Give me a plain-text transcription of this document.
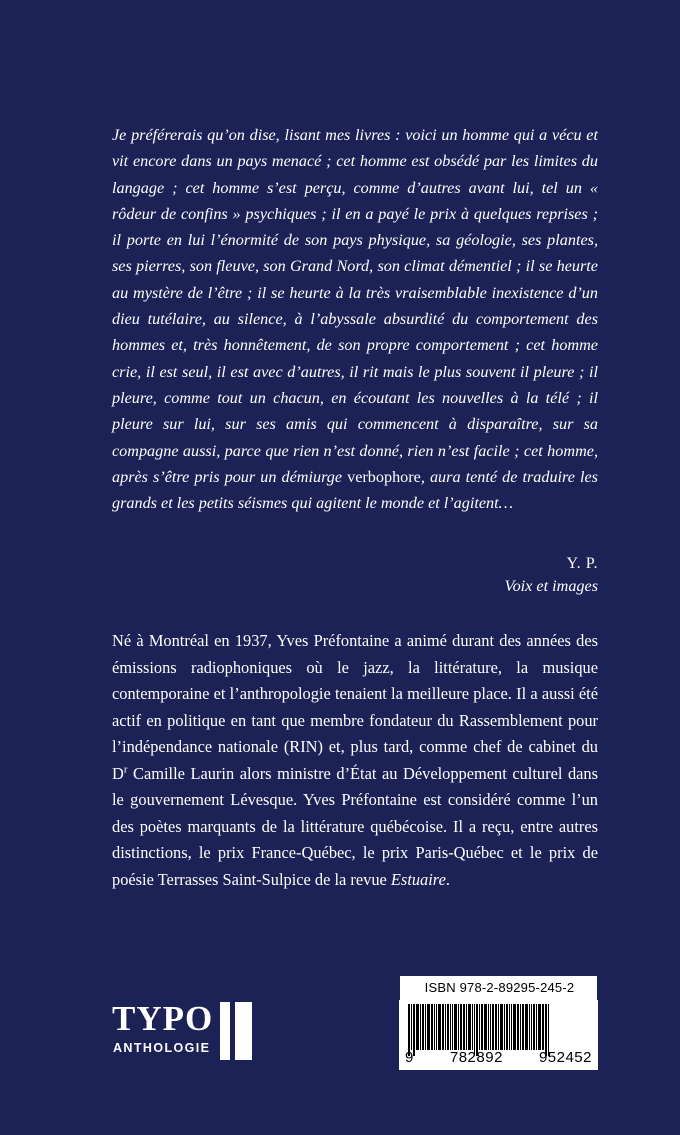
Je préférerais qu’on dise, lisant mes livres : voici un homme qui a vécu et vit encore dans un pays menacé ; cet homme est obsédé par les limites du langage ; cet homme s’est perçu, comme d’autres avant lui, tel un « rôdeur de confins » psychiques ; il en a payé le prix à quelques reprises ; il porte en lui l’énormité de son pays physique, sa géologie, ses plantes, ses pierres, son fleuve, son Grand Nord, son climat démentiel ; il se heurte au mystère de l’être ; il se heurte à la très vraisemblable inexistence d’un dieu tutélaire, au silence, à l’abyssale absurdité du comportement des hommes et, très honnêtement, de son propre comportement ; cet homme crie, il est seul, il est avec d’autres, il rit mais le plus souvent il pleure ; il pleure, comme tout un chacun, en écoutant les nouvelles à la télé ; il pleure sur lui, sur ses amis qui commencent à disparaître, sur sa compagne aussi, parce que rien n’est donné, rien n’est facile ; cet homme, après s’être pris pour un démiurge verbophore, aura tenté de traduire les grands et les petits séismes qui agitent le monde et l’agitent…
Y. P.
Voix et images
Né à Montréal en 1937, Yves Préfontaine a animé durant des années des émissions radiophoniques où le jazz, la littérature, la musique contemporaine et l’anthropologie tenaient la meilleure place. Il a aussi été actif en politique en tant que membre fondateur du Rassemblement pour l’indépendance nationale (RIN) et, plus tard, comme chef de cabinet du $D^r$ Camille Laurin alors ministre d’État au Développement culturel dans le gouvernement Lévesque. Yves Préfontaine est considéré comme l’un des poètes marquants de la littérature québécoise. Il a reçu, entre autres distinctions, le prix France-Québec, le prix Paris-Québec et le prix de poésie Terrasses Saint-Sulpice de la revue Estuaire.
TYPO
ANTHOLOGIE
ISBN 978-2-89295-245-2
9 782892 952452
